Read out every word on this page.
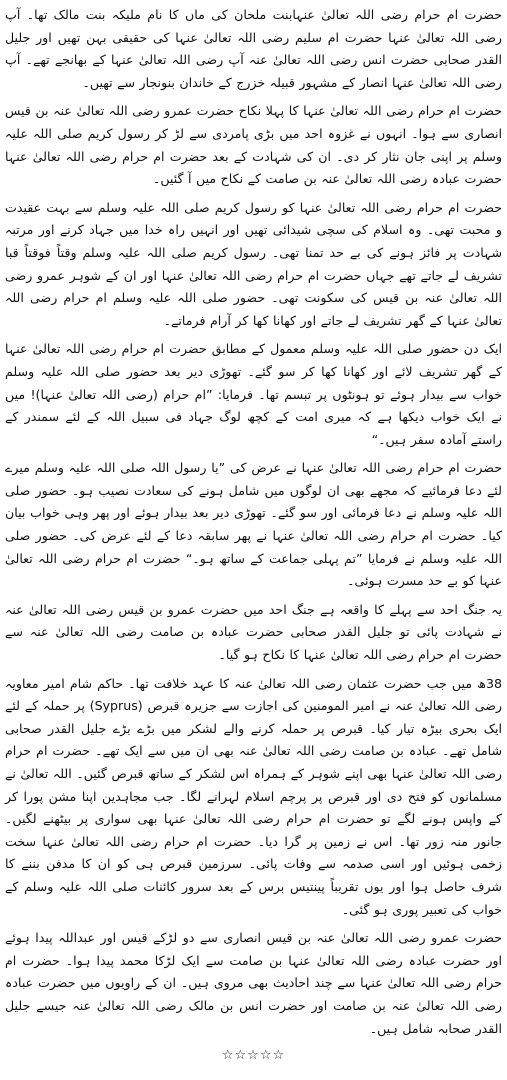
حضرت ام حرام رضی اللہ تعالیٰ عنہابنت ملحان کی ماں کا نام ملیکہ بنت مالک تھا۔ آپ رضی اللہ تعالیٰ عنہا حضرت ام سلیم رضی اللہ تعالیٰ عنہا کی حقیقی بہن تھیں اور جلیل القدر صحابی حضرت انس رضی اللہ تعالیٰ عنہ آپ رضی اللہ تعالیٰ عنہا کے بھانجے تھے۔ آپ رضی اللہ تعالیٰ عنہا انصار کے مشہور قبیلہ خزرج کے خاندان بنونجار سے تھیں۔

حضرت ام حرام رضی اللہ تعالیٰ عنہا کا پہلا نکاح حضرت عمرو رضی اللہ تعالیٰ عنہ بن قیس انصاری سے ہوا۔ انہوں نے غزوہ احد میں بڑی پامردی سے لڑ کر رسول کریم صلی اللہ علیہ وسلم پر اپنی جان نثار کر دی۔ ان کی شہادت کے بعد حضرت ام حرام رضی اللہ تعالیٰ عنہا حضرت عبادہ رضی اللہ تعالیٰ عنہ بن صامت کے نکاح میں آ گئیں۔

حضرت ام حرام رضی اللہ تعالیٰ عنہا کو رسول کریم صلی اللہ علیہ وسلم سے بہت عقیدت و محبت تھی۔ وہ اسلام کی سچی شیدائی تھیں اور انہیں راہ خدا میں جہاد کرنے اور مرتبہ شہادت پر فائز ہونے کی بے حد تمنا تھی۔ رسول کریم صلی اللہ علیہ وسلم وقتاً فوقتاً قبا تشریف لے جاتے تھے جہاں حضرت ام حرام رضی اللہ تعالیٰ عنہا اور ان کے شوہر عمرو رضی اللہ تعالیٰ عنہ بن قیس کی سکونت تھی۔ حضور صلی اللہ علیہ وسلم ام حرام رضی اللہ تعالیٰ عنہا کے گھر تشریف لے جاتے اور کھانا کھا کر آرام فرماتے۔

ایک دن حضور صلی اللہ علیہ وسلم معمول کے مطابق حضرت ام حرام رضی اللہ تعالیٰ عنہا کے گھر تشریف لائے اور کھانا کھا کر سو گئے۔ تھوڑی دیر بعد حضور صلی اللہ علیہ وسلم خواب سے بیدار ہوئے تو ہونٹوں پر تبسم تھا۔ فرمایا: ”ام حرام (رضی اللہ تعالیٰ عنہا)! میں نے ایک خواب دیکھا ہے کہ میری امت کے کچھ لوگ جہاد فی سبیل اللہ کے لئے سمندر کے راستے آمادہ سفر ہیں۔“

حضرت ام حرام رضی اللہ تعالیٰ عنہا نے عرض کی ”یا رسول اللہ صلی اللہ علیہ وسلم میرے لئے دعا فرمائیے کہ مجھے بھی ان لوگوں میں شامل ہونے کی سعادت نصیب ہو۔ حضور صلی اللہ علیہ وسلم نے دعا فرمائی اور سو گئے۔ تھوڑی دیر بعد بیدار ہوئے اور پھر وہی خواب بیان کیا۔ حضرت ام حرام رضی اللہ تعالیٰ عنہا نے پھر سابقہ دعا کے لئے عرض کی۔ حضور صلی اللہ علیہ وسلم نے فرمایا ”تم پہلی جماعت کے ساتھ ہو۔“ حضرت ام حرام رضی اللہ تعالیٰ عنہا کو بے حد مسرت ہوئی۔

یہ جنگ احد سے پہلے کا واقعہ ہے جنگ احد میں حضرت عمرو بن قیس رضی اللہ تعالیٰ عنہ نے شہادت پائی تو جلیل القدر صحابی حضرت عبادہ بن صامت رضی اللہ تعالیٰ عنہ سے حضرت ام حرام رضی اللہ تعالیٰ عنہا کا نکاح ہو گیا۔

38ھ میں جب حضرت عثمان رضی اللہ تعالیٰ عنہ کا عہد خلافت تھا۔ حاکم شام امیر معاویہ رضی اللہ تعالیٰ عنہ نے امیر المومنین کی اجازت سے جزیرہ قبرص (Syprus) پر حملہ کے لئے ایک بحری بیڑہ تیار کیا۔ قبرص پر حملہ کرنے والے لشکر میں بڑے بڑے جلیل القدر صحابی شامل تھے۔ عبادہ بن صامت رضی اللہ تعالیٰ عنہ بھی ان میں سے ایک تھے۔ حضرت ام حرام رضی اللہ تعالیٰ عنہا بھی اپنے شوہر کے ہمراہ اس لشکر کے ساتھ قبرص گئیں۔ اللہ تعالیٰ نے مسلمانوں کو فتح دی اور قبرص پر پرچم اسلام لہرانے لگا۔ جب مجاہدین اپنا مشن پورا کر کے واپس ہونے لگے تو حضرت ام حرام رضی اللہ تعالیٰ عنہا بھی سواری پر بیٹھنے لگیں۔ جانور منہ زور تھا۔ اس نے زمین پر گرا دیا۔ حضرت ام حرام رضی اللہ تعالیٰ عنہا سخت زخمی ہوئیں اور اسی صدمہ سے وفات پائی۔ سرزمین قبرص ہی کو ان کا مدفن بننے کا شرف حاصل ہوا اور یوں تقریباً پینتیس برس کے بعد سرور کائنات صلی اللہ علیہ وسلم کے خواب کی تعبیر پوری ہو گئی۔

حضرت عمرو رضی اللہ تعالیٰ عنہ بن قیس انصاری سے دو لڑکے قیس اور عبداللہ پیدا ہوئے اور حضرت عبادہ رضی اللہ تعالیٰ عنہا بن صامت سے ایک لڑکا محمد پیدا ہوا۔ حضرت ام حرام رضی اللہ تعالیٰ عنہا سے چند احادیث بھی مروی ہیں۔ ان کے راویوں میں حضرت عبادہ رضی اللہ تعالیٰ عنہ بن صامت اور حضرت انس بن مالک رضی اللہ تعالیٰ عنہ جیسے جلیل القدر صحابہ شامل ہیں۔

☆☆☆☆☆
